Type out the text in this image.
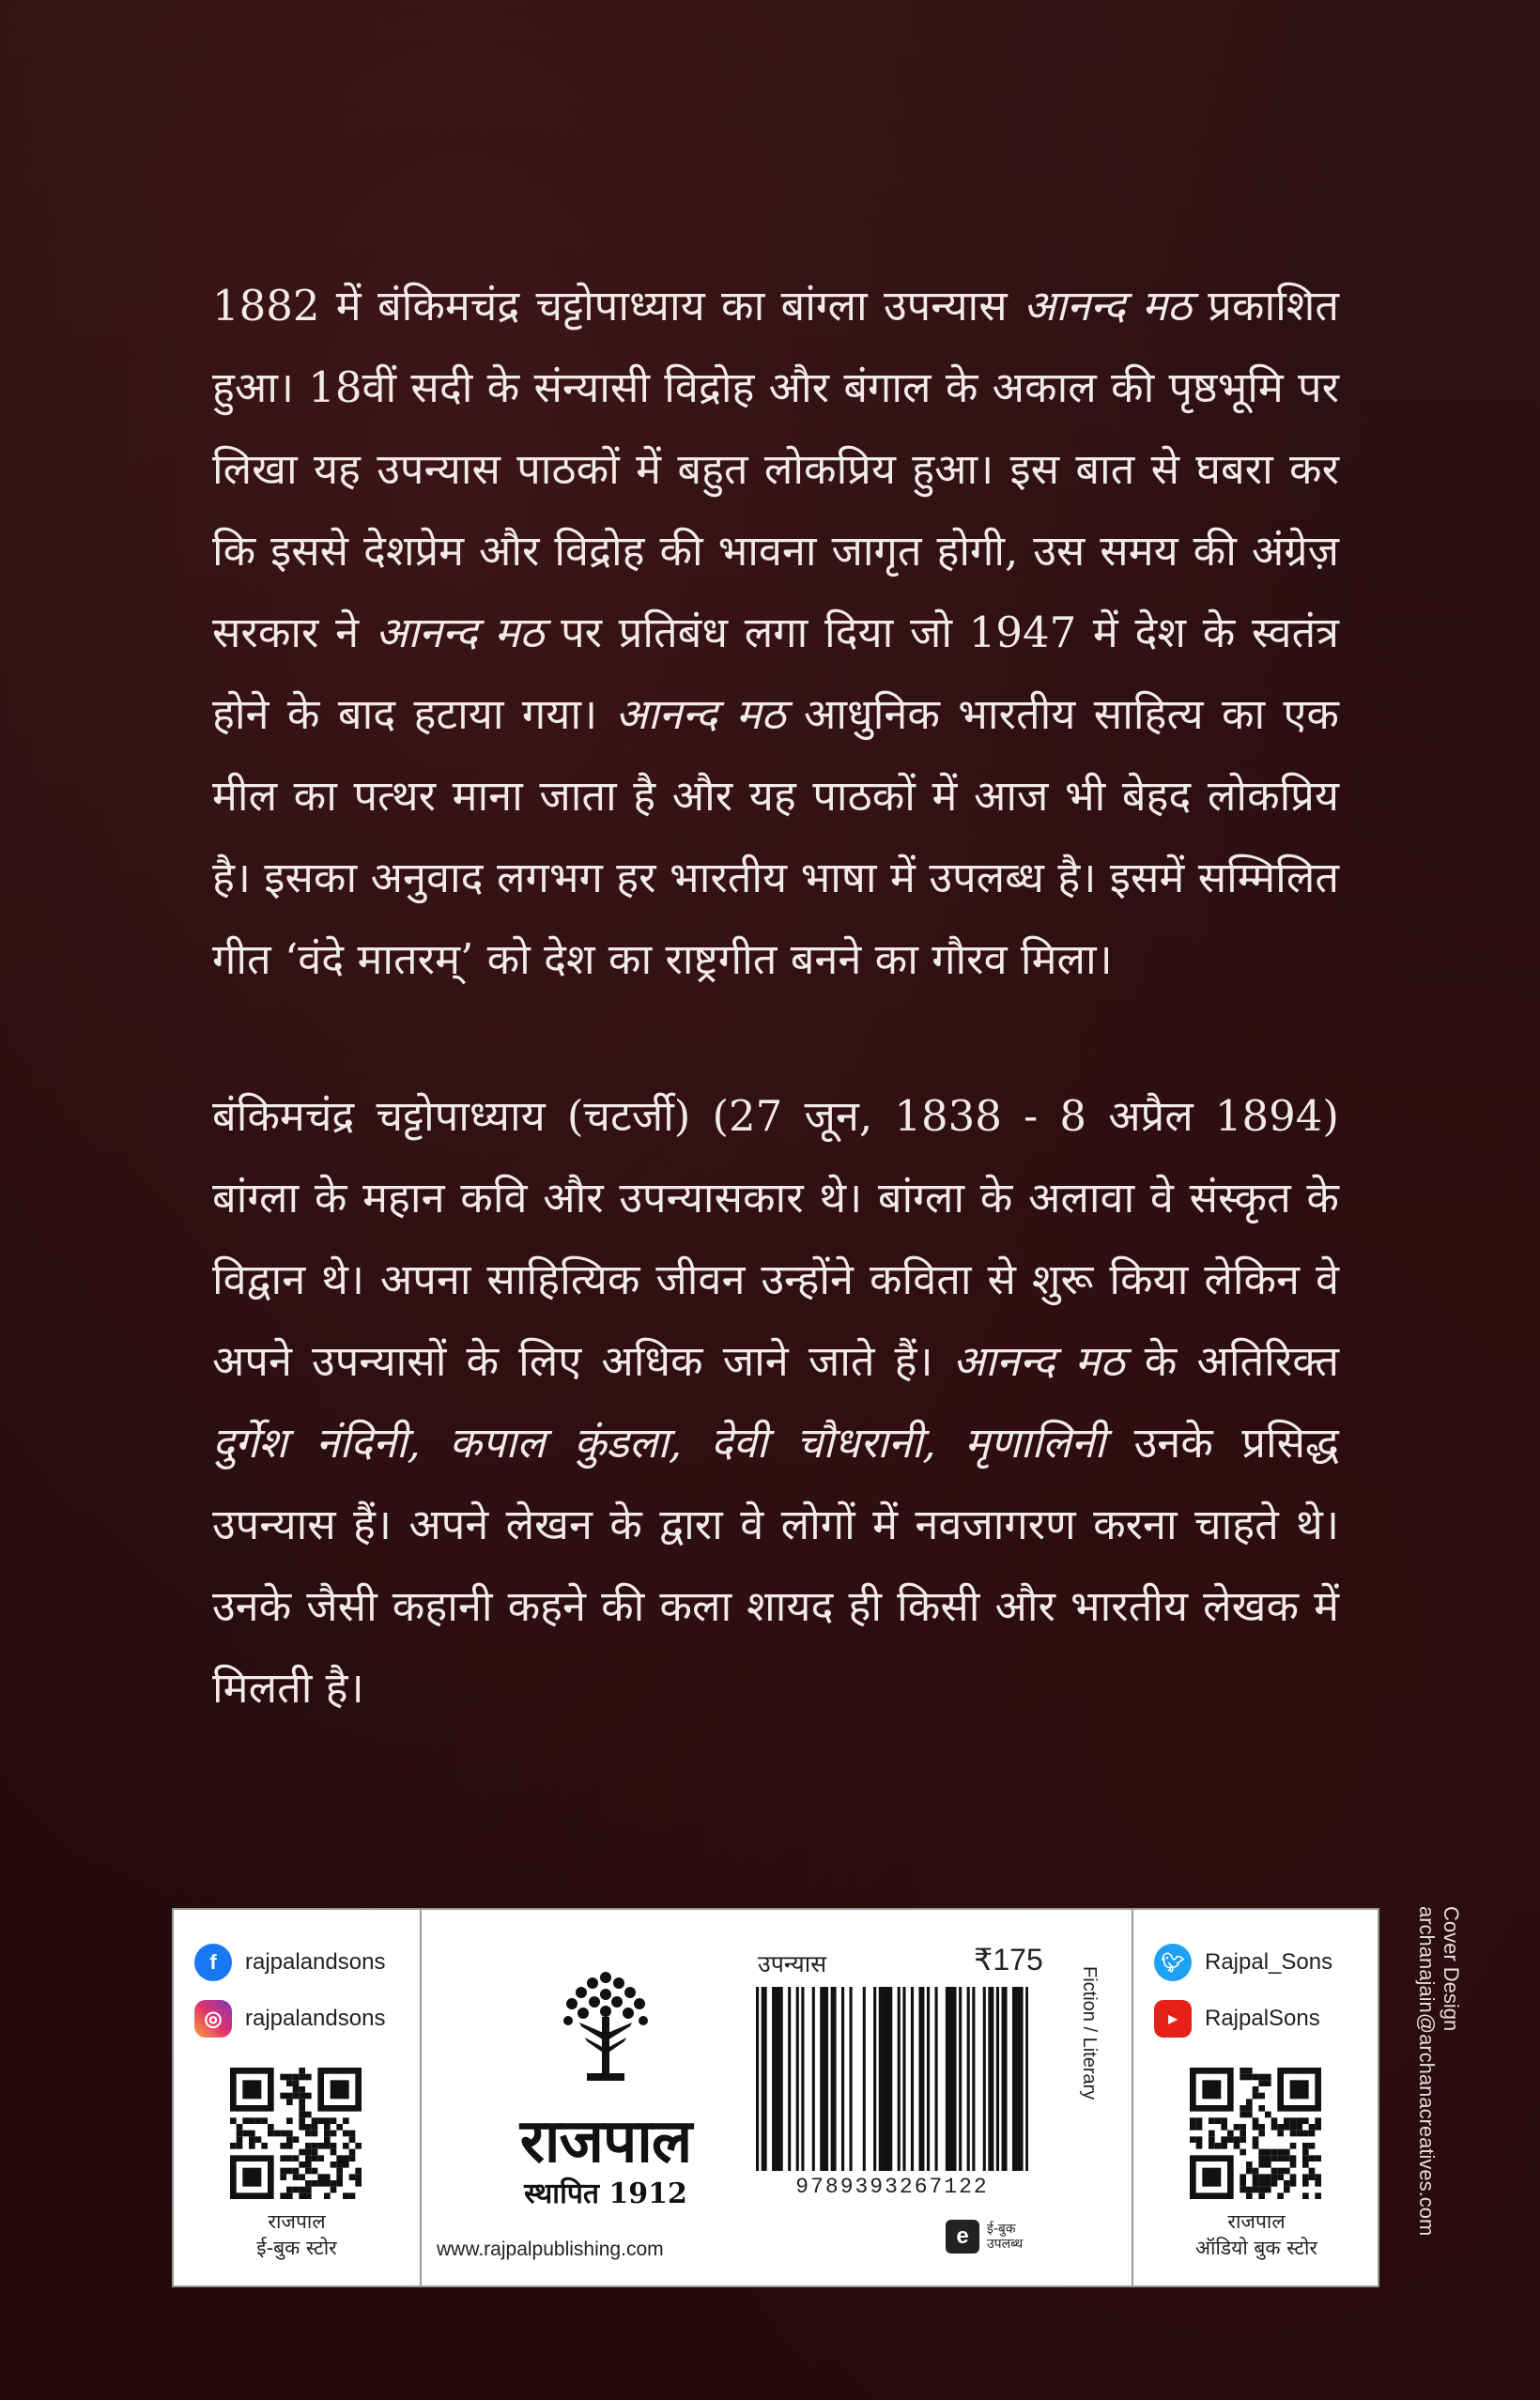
1882 में बंकिमचंद्र चट्टोपाध्याय का बांग्ला उपन्यास आनन्द मठ प्रकाशित हुआ। 18वीं सदी के संन्यासी विद्रोह और बंगाल के अकाल की पृष्ठभूमि पर लिखा यह उपन्यास पाठकों में बहुत लोकप्रिय हुआ। इस बात से घबरा कर कि इससे देशप्रेम और विद्रोह की भावना जागृत होगी, उस समय की अंग्रेज़ सरकार ने आनन्द मठ पर प्रतिबंध लगा दिया जो 1947 में देश के स्वतंत्र होने के बाद हटाया गया। आनन्द मठ आधुनिक भारतीय साहित्य का एक मील का पत्थर माना जाता है और यह पाठकों में आज भी बेहद लोकप्रिय है। इसका अनुवाद लगभग हर भारतीय भाषा में उपलब्ध है। इसमें सम्मिलित गीत ‘वंदे मातरम्’ को देश का राष्ट्रगीत बनने का गौरव मिला।

बंकिमचंद्र चट्टोपाध्याय (चटर्जी) (27 जून, 1838 - 8 अप्रैल 1894) बांग्ला के महान कवि और उपन्यासकार थे। बांग्ला के अलावा वे संस्कृत के विद्वान थे। अपना साहित्यिक जीवन उन्होंने कविता से शुरू किया लेकिन वे अपने उपन्यासों के लिए अधिक जाने जाते हैं। आनन्द मठ के अतिरिक्त दुर्गेश नंदिनी, कपाल कुंडला, देवी चौधरानी, मृणालिनी उनके प्रसिद्ध उपन्यास हैं। अपने लेखन के द्वारा वे लोगों में नवजागरण करना चाहते थे। उनके जैसी कहानी कहने की कला शायद ही किसी और भारतीय लेखक में मिलती है।

f	rajpalandsons
◎	rajpalandsons
राजपाल
ई-बुक स्टोर
राजपाल
स्थापित 1912
www.rajpalpublishing.com
उपन्यास	₹175
9789393267122
Fiction / Literary
e	ई-बुक
उपलब्ध
🐦︎ Rajpal_Sons
▶	RajpalSons
राजपाल
ऑडियो बुक स्टोर
Cover Design
archanajain@archanacreatives.com
